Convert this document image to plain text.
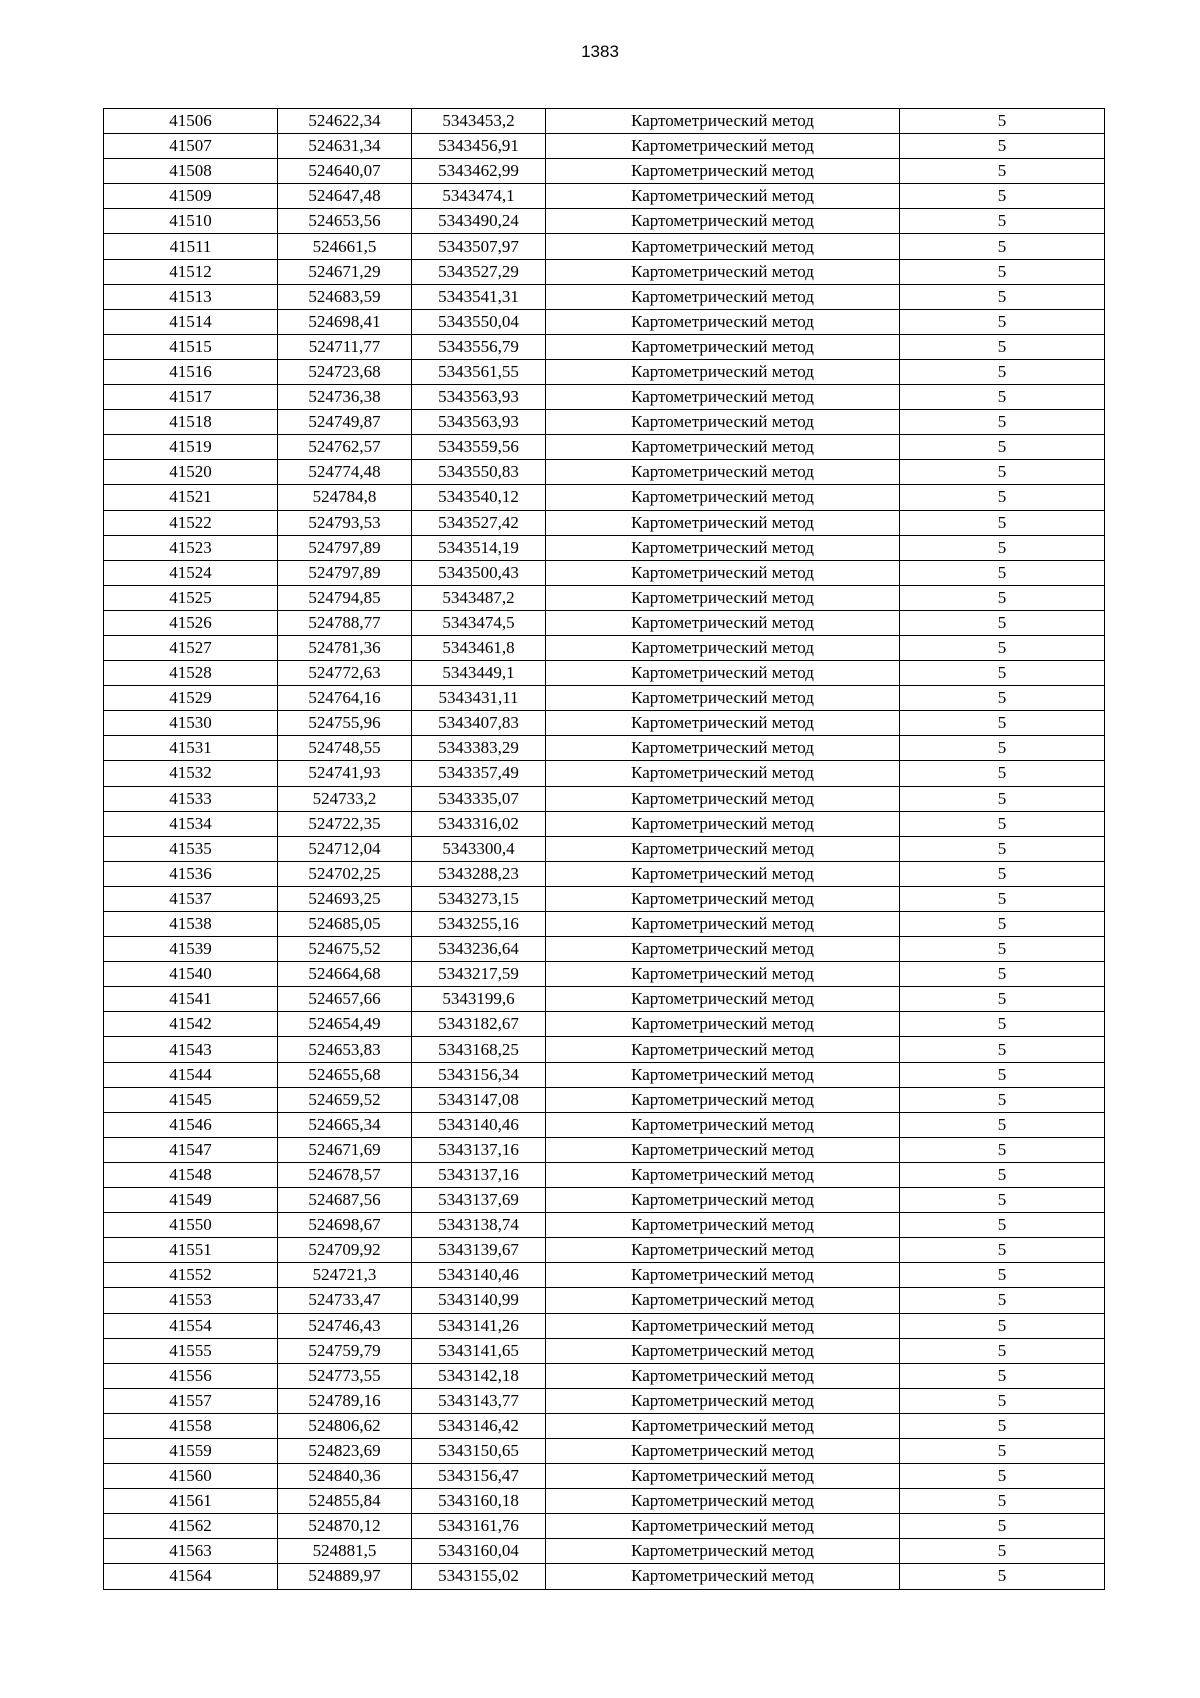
1383
41506	524622,34	5343453,2	Картометрический метод	5
41507	524631,34	5343456,91	Картометрический метод	5
41508	524640,07	5343462,99	Картометрический метод	5
41509	524647,48	5343474,1	Картометрический метод	5
41510	524653,56	5343490,24	Картометрический метод	5
41511	524661,5	5343507,97	Картометрический метод	5
41512	524671,29	5343527,29	Картометрический метод	5
41513	524683,59	5343541,31	Картометрический метод	5
41514	524698,41	5343550,04	Картометрический метод	5
41515	524711,77	5343556,79	Картометрический метод	5
41516	524723,68	5343561,55	Картометрический метод	5
41517	524736,38	5343563,93	Картометрический метод	5
41518	524749,87	5343563,93	Картометрический метод	5
41519	524762,57	5343559,56	Картометрический метод	5
41520	524774,48	5343550,83	Картометрический метод	5
41521	524784,8	5343540,12	Картометрический метод	5
41522	524793,53	5343527,42	Картометрический метод	5
41523	524797,89	5343514,19	Картометрический метод	5
41524	524797,89	5343500,43	Картометрический метод	5
41525	524794,85	5343487,2	Картометрический метод	5
41526	524788,77	5343474,5	Картометрический метод	5
41527	524781,36	5343461,8	Картометрический метод	5
41528	524772,63	5343449,1	Картометрический метод	5
41529	524764,16	5343431,11	Картометрический метод	5
41530	524755,96	5343407,83	Картометрический метод	5
41531	524748,55	5343383,29	Картометрический метод	5
41532	524741,93	5343357,49	Картометрический метод	5
41533	524733,2	5343335,07	Картометрический метод	5
41534	524722,35	5343316,02	Картометрический метод	5
41535	524712,04	5343300,4	Картометрический метод	5
41536	524702,25	5343288,23	Картометрический метод	5
41537	524693,25	5343273,15	Картометрический метод	5
41538	524685,05	5343255,16	Картометрический метод	5
41539	524675,52	5343236,64	Картометрический метод	5
41540	524664,68	5343217,59	Картометрический метод	5
41541	524657,66	5343199,6	Картометрический метод	5
41542	524654,49	5343182,67	Картометрический метод	5
41543	524653,83	5343168,25	Картометрический метод	5
41544	524655,68	5343156,34	Картометрический метод	5
41545	524659,52	5343147,08	Картометрический метод	5
41546	524665,34	5343140,46	Картометрический метод	5
41547	524671,69	5343137,16	Картометрический метод	5
41548	524678,57	5343137,16	Картометрический метод	5
41549	524687,56	5343137,69	Картометрический метод	5
41550	524698,67	5343138,74	Картометрический метод	5
41551	524709,92	5343139,67	Картометрический метод	5
41552	524721,3	5343140,46	Картометрический метод	5
41553	524733,47	5343140,99	Картометрический метод	5
41554	524746,43	5343141,26	Картометрический метод	5
41555	524759,79	5343141,65	Картометрический метод	5
41556	524773,55	5343142,18	Картометрический метод	5
41557	524789,16	5343143,77	Картометрический метод	5
41558	524806,62	5343146,42	Картометрический метод	5
41559	524823,69	5343150,65	Картометрический метод	5
41560	524840,36	5343156,47	Картометрический метод	5
41561	524855,84	5343160,18	Картометрический метод	5
41562	524870,12	5343161,76	Картометрический метод	5
41563	524881,5	5343160,04	Картометрический метод	5
41564	524889,97	5343155,02	Картометрический метод	5
